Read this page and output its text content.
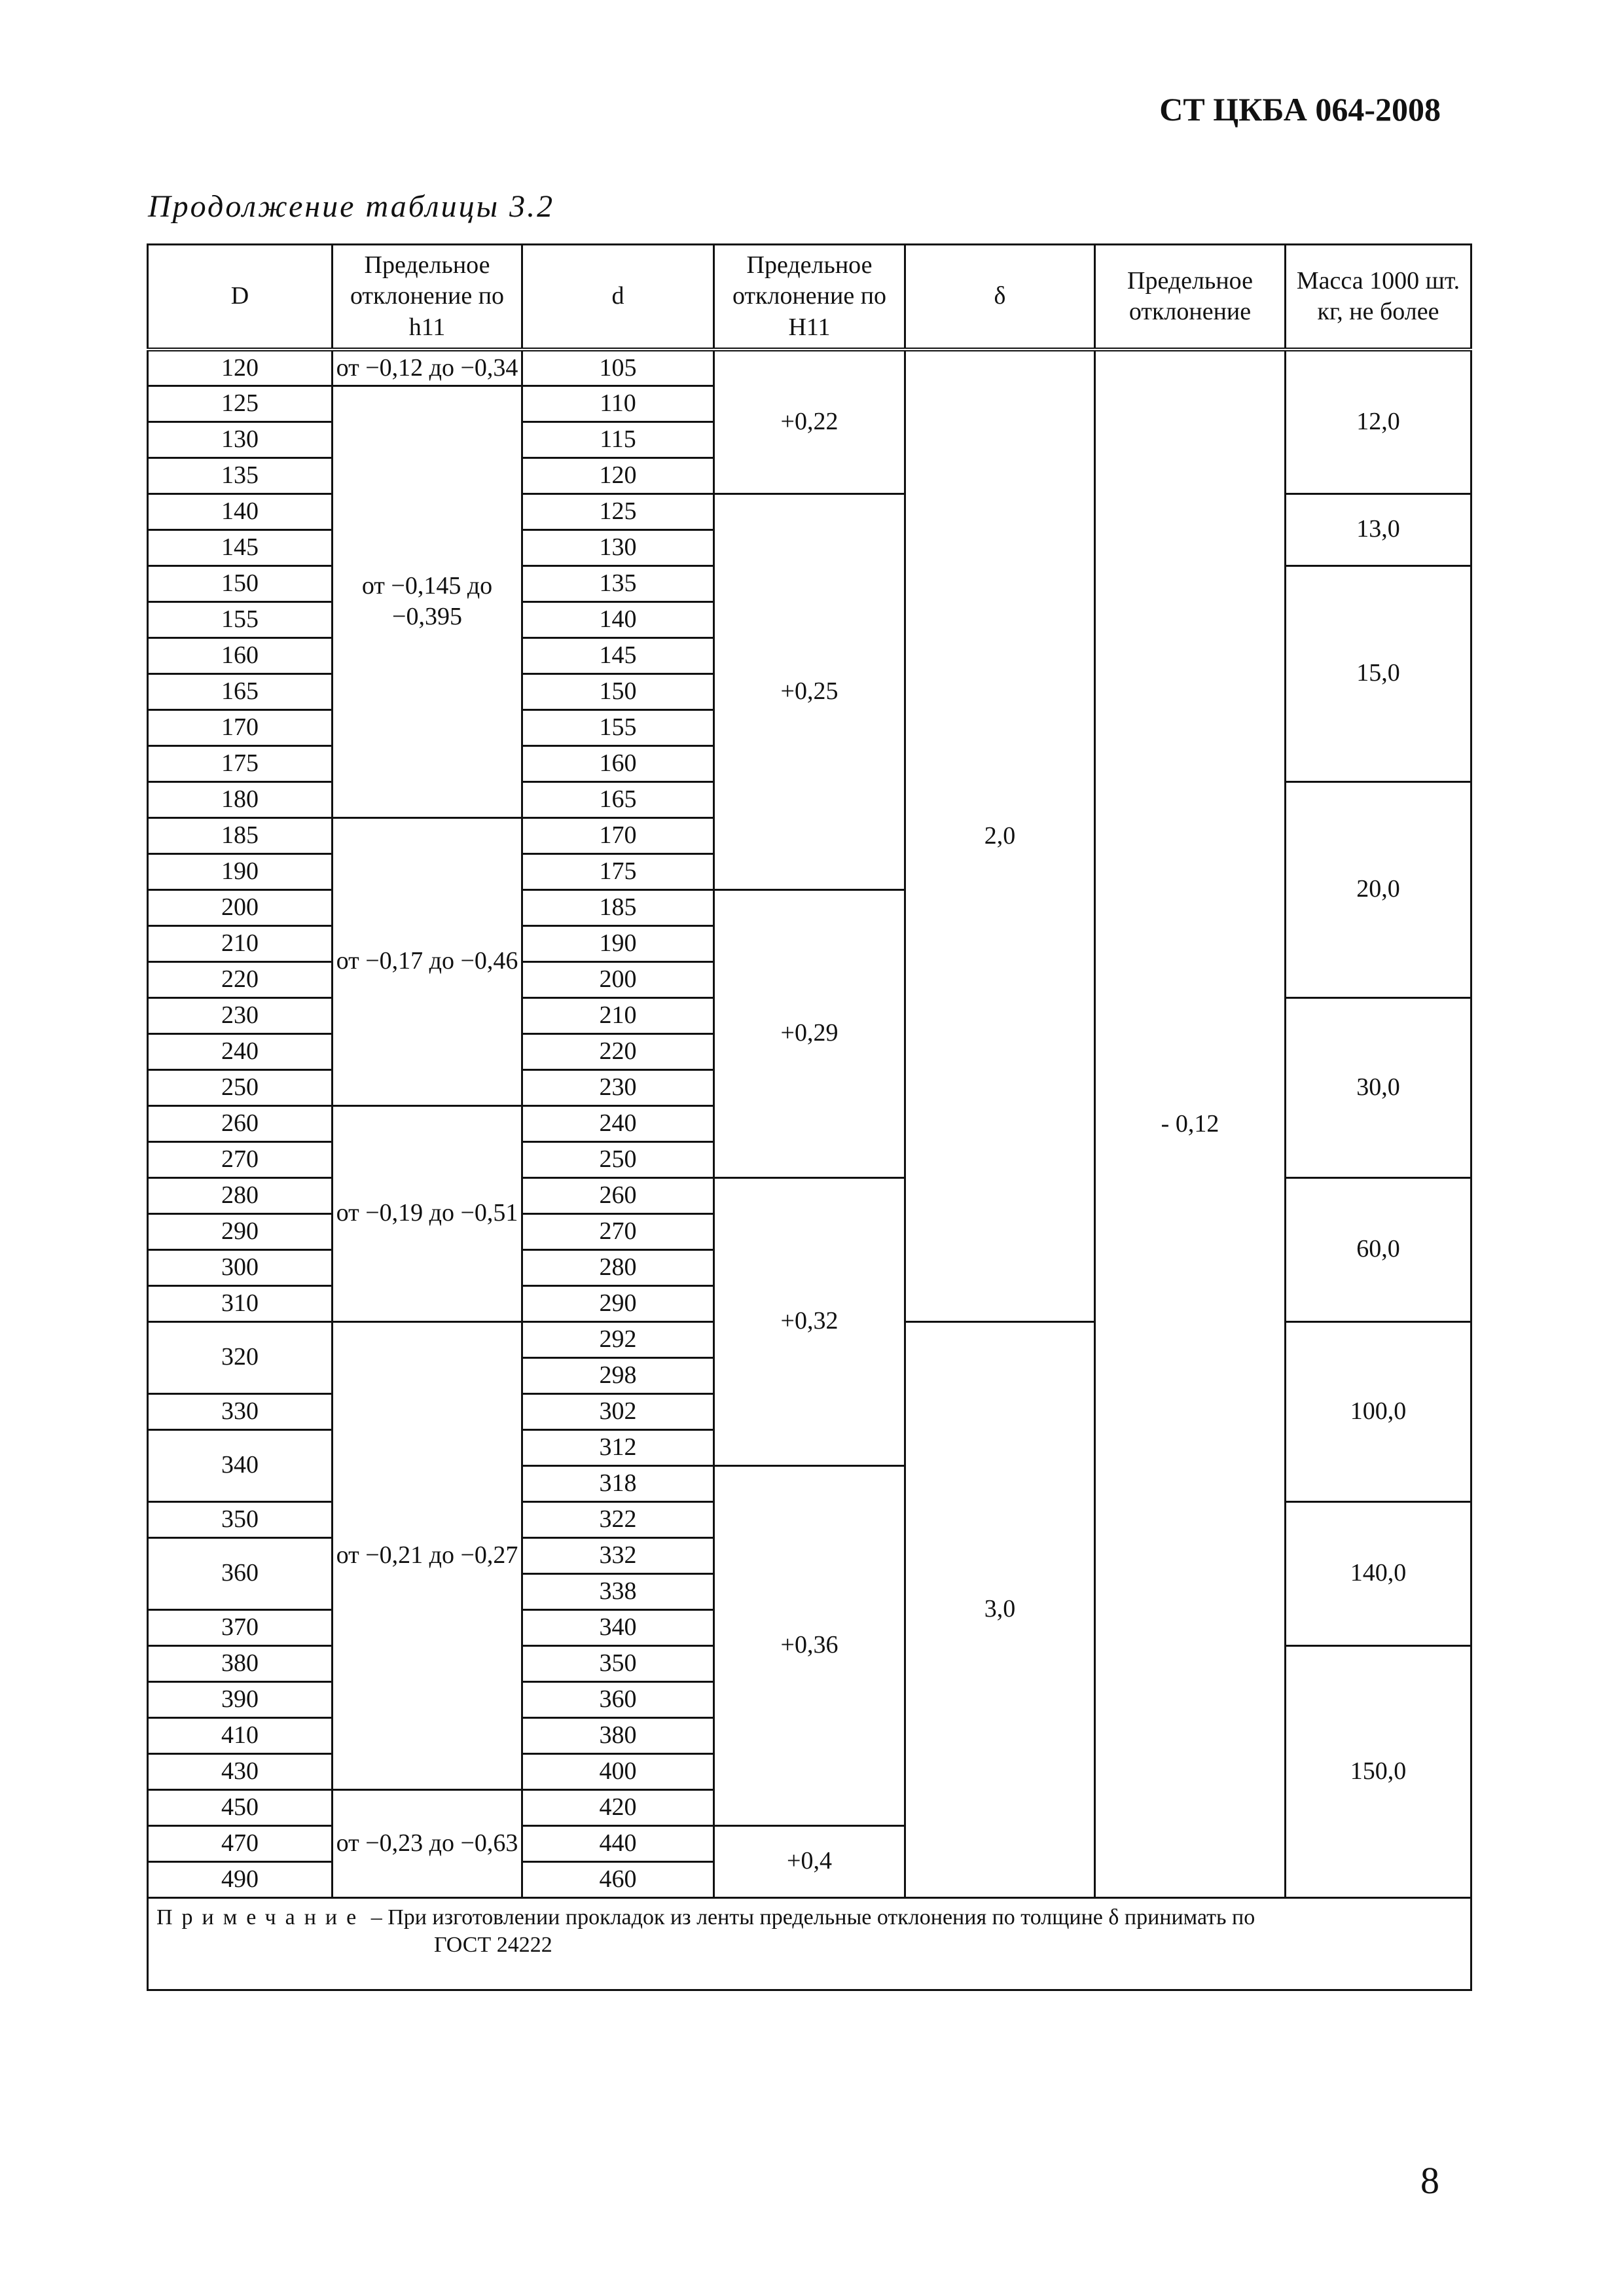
СТ ЦКБА 064-2008
Продолжение таблицы 3.2
D	Предельное отклонение по h11	d	Предельное отклонение по H11	δ	Предельное отклонение	Масса 1000 шт. кг, не более
120	от −0,12 до −0,34	105	+0,22	2,0	- 0,12	12,0
125	от −0,145 до −0,395	110				
130		115				
135		120				
140		125	+0,25			13,0
145		130				
150		135				15,0
155		140				
160		145				
165		150				
170		155				
175		160				
180		165				20,0
185	от −0,17 до −0,46	170				
190		175				
200		185	+0,29			
210		190				
220		200				
230		210				30,0
240		220				
250		230				
260	от −0,19 до −0,51	240				
270		250				
280		260	+0,32			60,0
290		270				
300		280				
310		290				
320	от −0,21 до −0,27	292		3,0		100,0
		298				
330		302				
340		312				
		318	+0,36			
350		322				140,0
360		332				
		338				
370		340				
380		350				150,0
390		360				
410		380				
430		400				
450	от −0,23 до −0,63	420				
470		440	+0,4			
490		460				
Примечание – При изготовлении прокладок из ленты предельные отклонения по толщине δ принимать по
ГОСТ 24222						
8
